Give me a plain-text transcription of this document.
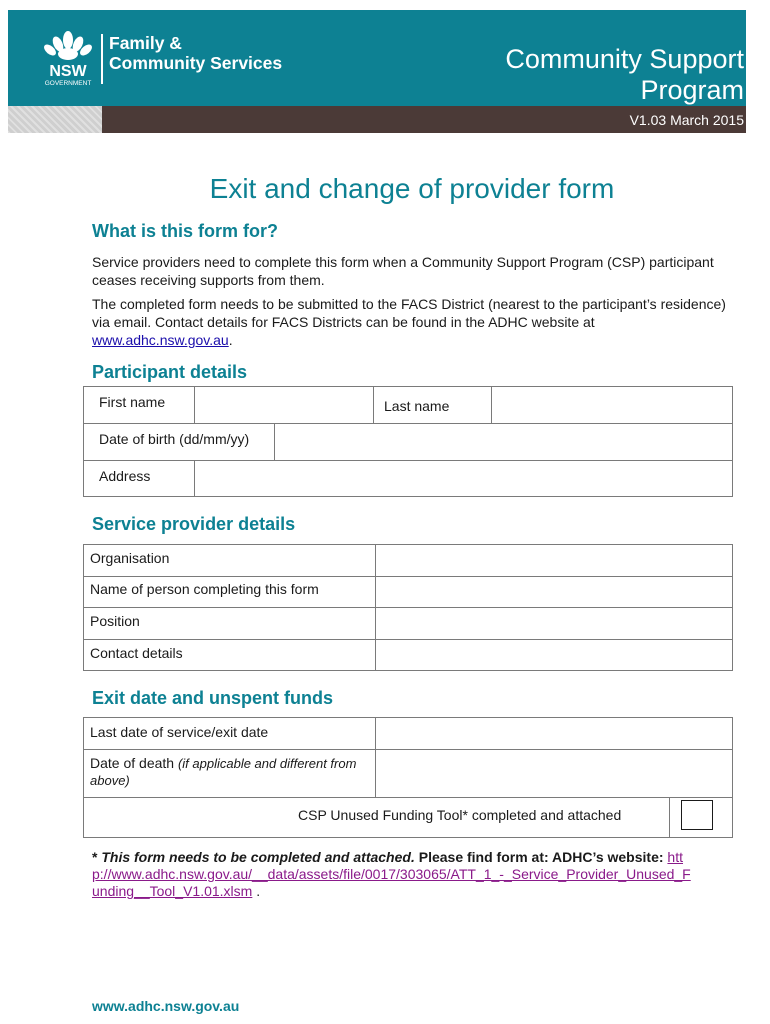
NSW
GOVERNMENT
Family &
Community Services	Community Support
Program
V1.03 March 2015
Exit and change of provider form
What is this form for?

Service providers need to complete this form when a Community Support Program (CSP) participant ceases receiving supports from them.

The completed form needs to be submitted to the FACS District (nearest to the participant’s residence) via email. Contact details for FACS Districts can be found in the ADHC website at www.adhc.nsw.gov.au.

Participant details
First name	Last name
Date of birth (dd/mm/yy)
Address
Service provider details
Organisation
Name of person completing this form
Position
Contact details
Exit date and unspent funds
Last date of service/exit date
Date of death (if applicable and different from above)
CSP Unused Funding Tool* completed and attached
* This form needs to be completed and attached. Please find form at: ADHC’s website: http://www.adhc.nsw.gov.au/__data/assets/file/0017/303065/ATT_1_-_Service_Provider_Unused_Funding__Tool_V1.01.xlsm .
www.adhc.nsw.gov.au
